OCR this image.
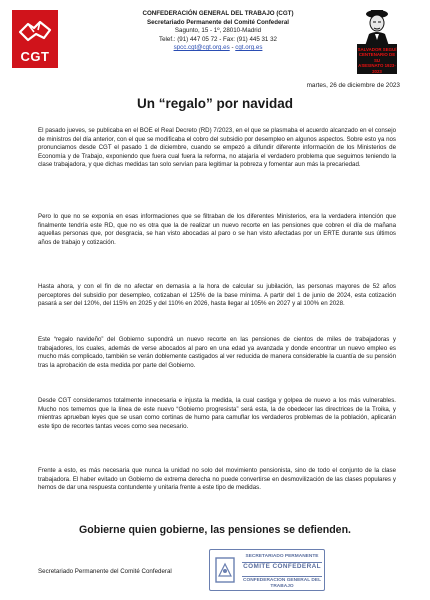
CGT
CONFEDERACIÓN GENERAL DEL TRABAJO (CGT)
Secretariado Permanente del Comité Confederal
Sagunto, 15 - 1º, 28010-Madrid
Telef.: (91) 447 05 72 - Fax: (91) 445 31 32
spcc.cgt@cgt.org.es - cgt.org.es	SALVADOR SEGUÍ
CENTENARIO DE SU
ASESINATO 1923-2023
martes, 26 de diciembre de 2023
Un “regalo” por navidad
El pasado jueves, se publicaba en el BOE el Real Decreto (RD) 7/2023, en el que se plasmaba el acuerdo alcanzado en el consejo de ministros del día anterior, con el que se modificaba el cobro del subsidio por desempleo en algunos aspectos. Sobre esto ya nos pronunciamos desde CGT el pasado 1 de diciembre, cuando se empezó a difundir diferente información de los Ministerios de Economía y de Trabajo, exponiendo que fuera cual fuera la reforma, no atajaría el verdadero problema que seguimos teniendo la clase trabajadora, y que dichas medidas tan solo servían para legitimar la pobreza y fomentar aun más la precariedad.
Pero lo que no se exponía en esas informaciones que se filtraban de los diferentes Ministerios, era la verdadera intención que finalmente tendría este RD, que no es otra que la de realizar un nuevo recorte en las pensiones que cobren el día de mañana aquellas personas que, por desgracia, se han visto abocadas al paro o se han visto afectadas por un ERTE durante sus últimos años de trabajo y cotización.
Hasta ahora, y con el fin de no afectar en demasía a la hora de calcular su jubilación, las personas mayores de 52 años perceptores del subsidio por desempleo, cotizaban el 125% de la base mínima. A partir del 1 de junio de 2024, esta cotización pasará a ser del 120%, del 115% en 2025 y del 110% en 2026, hasta llegar al 105% en 2027 y al 100% en 2028.
Este “regalo navideño” del Gobierno supondrá un nuevo recorte en las pensiones de cientos de miles de trabajadoras y trabajadores, los cuales, además de verse abocados al paro en una edad ya avanzada y donde encontrar un nuevo empleo es mucho más complicado, también se verán doblemente castigados al ver reducida de manera considerable la cuantía de su pensión tras la aprobación de esta medida por parte del Gobierno.
Desde CGT consideramos totalmente innecesaria e injusta la medida, la cual castiga y golpea de nuevo a los más vulnerables. Mucho nos tememos que la línea de este nuevo “Gobierno progresista” será esta, la de obedecer las directrices de la Troika, y mientras aprueban leyes que se usan como cortinas de humo para camuflar los verdaderos problemas de la población, aplicarán este tipo de recortes tantas veces como sea necesario.
Frente a esto, es más necesaria que nunca la unidad no solo del movimiento pensionista, sino de todo el conjunto de la clase trabajadora. El haber evitado un Gobierno de extrema derecha no puede convertirse en desmovilización de las clases populares y hemos de dar una respuesta contundente y unitaria frente a este tipo de medidas.
Gobierne quien gobierne, las pensiones se defienden.
Secretariado Permanente del Comité Confederal
SECRETARIADO PERMANENTE
COMITE CONFEDERAL
CONFEDERACION GENERAL DEL TRABAJO
